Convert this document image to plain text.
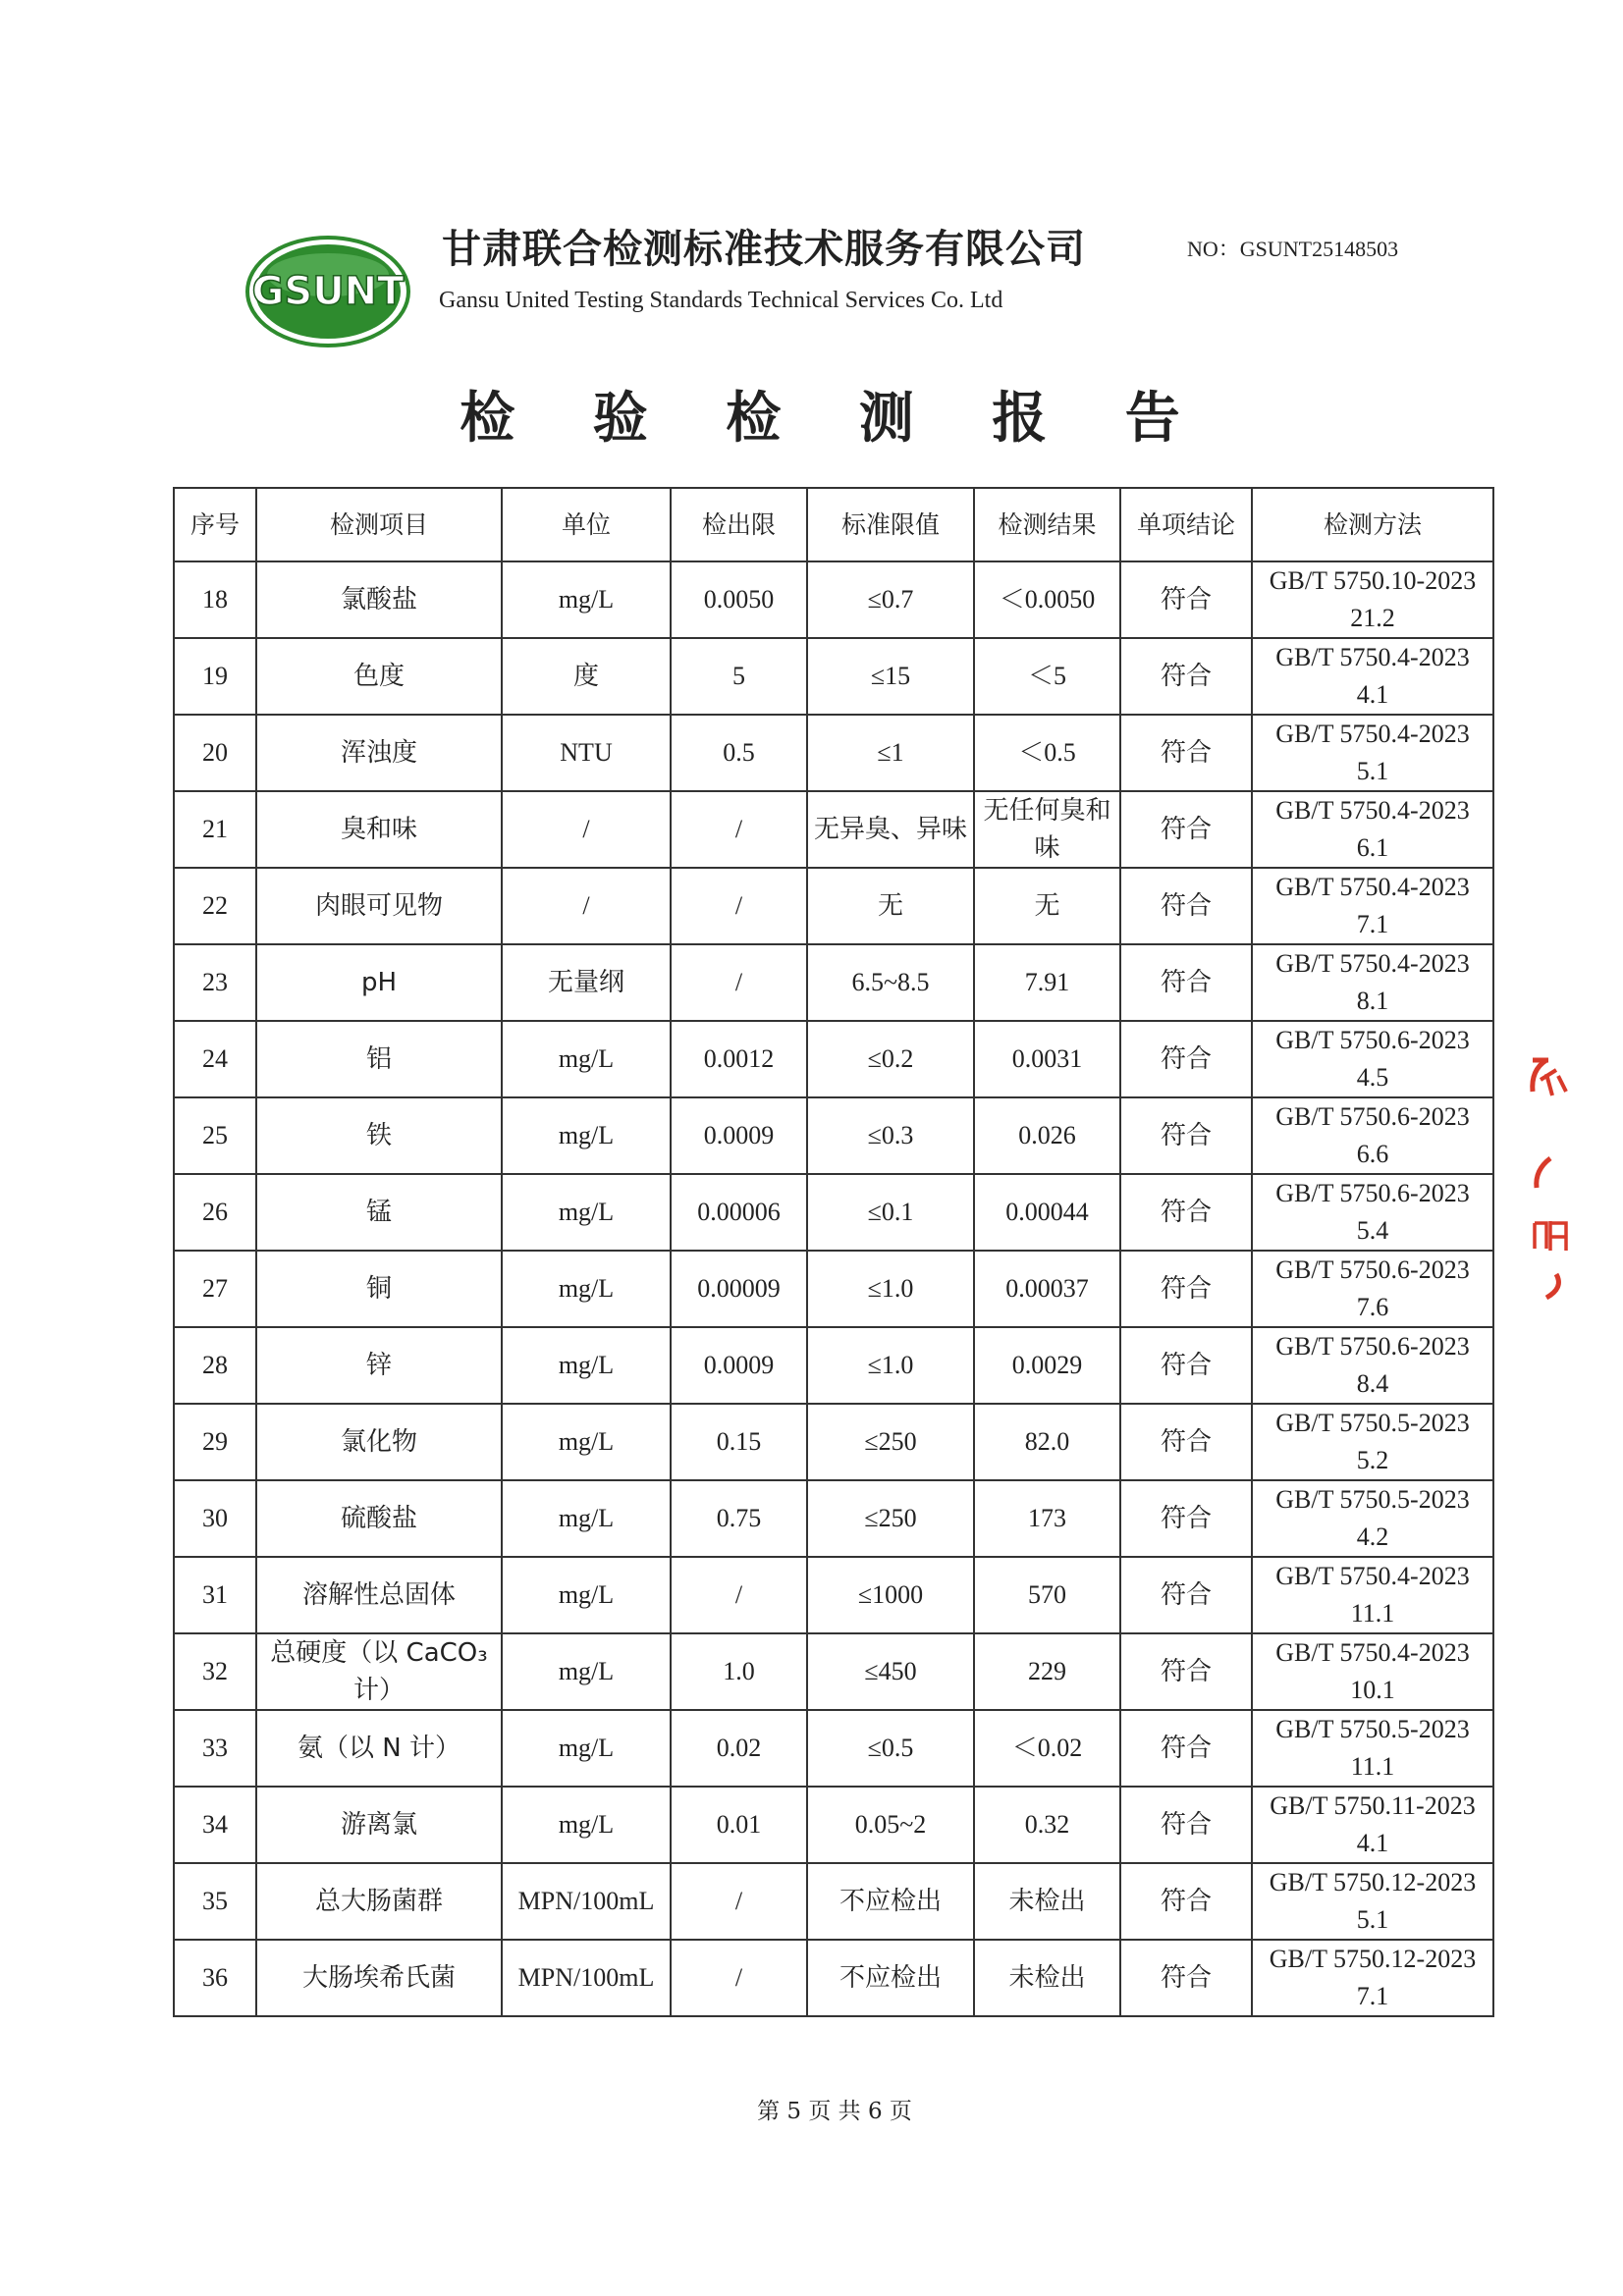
GSUNT
甘肃联合检测标准技术服务有限公司
Gansu United Testing Standards Technical Services Co. Ltd
NO：GSUNT25148503
检 验 检 测 报 告
序号	检测项目	单位	检出限	标准限值	检测结果	单项结论	检测方法
18	氯酸盐	mg/L	0.0050	≤0.7	＜0.0050	符合	GB/T 5750.10-2023
21.2

19	色度	度	5	≤15	＜5	符合	GB/T 5750.4-2023
4.1

20	浑浊度	NTU	0.5	≤1	＜0.5	符合	GB/T 5750.4-2023
5.1

21	臭和味	/	/	无异臭、异味	无任何臭和味	符合	GB/T 5750.4-2023
6.1

22	肉眼可见物	/	/	无	无	符合	GB/T 5750.4-2023
7.1

23	pH	无量纲	/	6.5~8.5	7.91	符合	GB/T 5750.4-2023
8.1

24	铝	mg/L	0.0012	≤0.2	0.0031	符合	GB/T 5750.6-2023
4.5

25	铁	mg/L	0.0009	≤0.3	0.026	符合	GB/T 5750.6-2023
6.6

26	锰	mg/L	0.00006	≤0.1	0.00044	符合	GB/T 5750.6-2023
5.4

27	铜	mg/L	0.00009	≤1.0	0.00037	符合	GB/T 5750.6-2023
7.6

28	锌	mg/L	0.0009	≤1.0	0.0029	符合	GB/T 5750.6-2023
8.4

29	氯化物	mg/L	0.15	≤250	82.0	符合	GB/T 5750.5-2023
5.2

30	硫酸盐	mg/L	0.75	≤250	173	符合	GB/T 5750.5-2023
4.2

31	溶解性总固体	mg/L	/	≤1000	570	符合	GB/T 5750.4-2023
11.1

32	总硬度（以 CaCO₃ 计）	mg/L	1.0	≤450	229	符合	GB/T 5750.4-2023
10.1

33	氨（以 N 计）	mg/L	0.02	≤0.5	＜0.02	符合	GB/T 5750.5-2023
11.1

34	游离氯	mg/L	0.01	0.05~2	0.32	符合	GB/T 5750.11-2023
4.1

35	总大肠菌群	MPN/100mL	/	不应检出	未检出	符合	GB/T 5750.12-2023
5.1

36	大肠埃希氏菌	MPN/100mL	/	不应检出	未检出	符合	GB/T 5750.12-2023
7.1
第 5 页 共 6 页
